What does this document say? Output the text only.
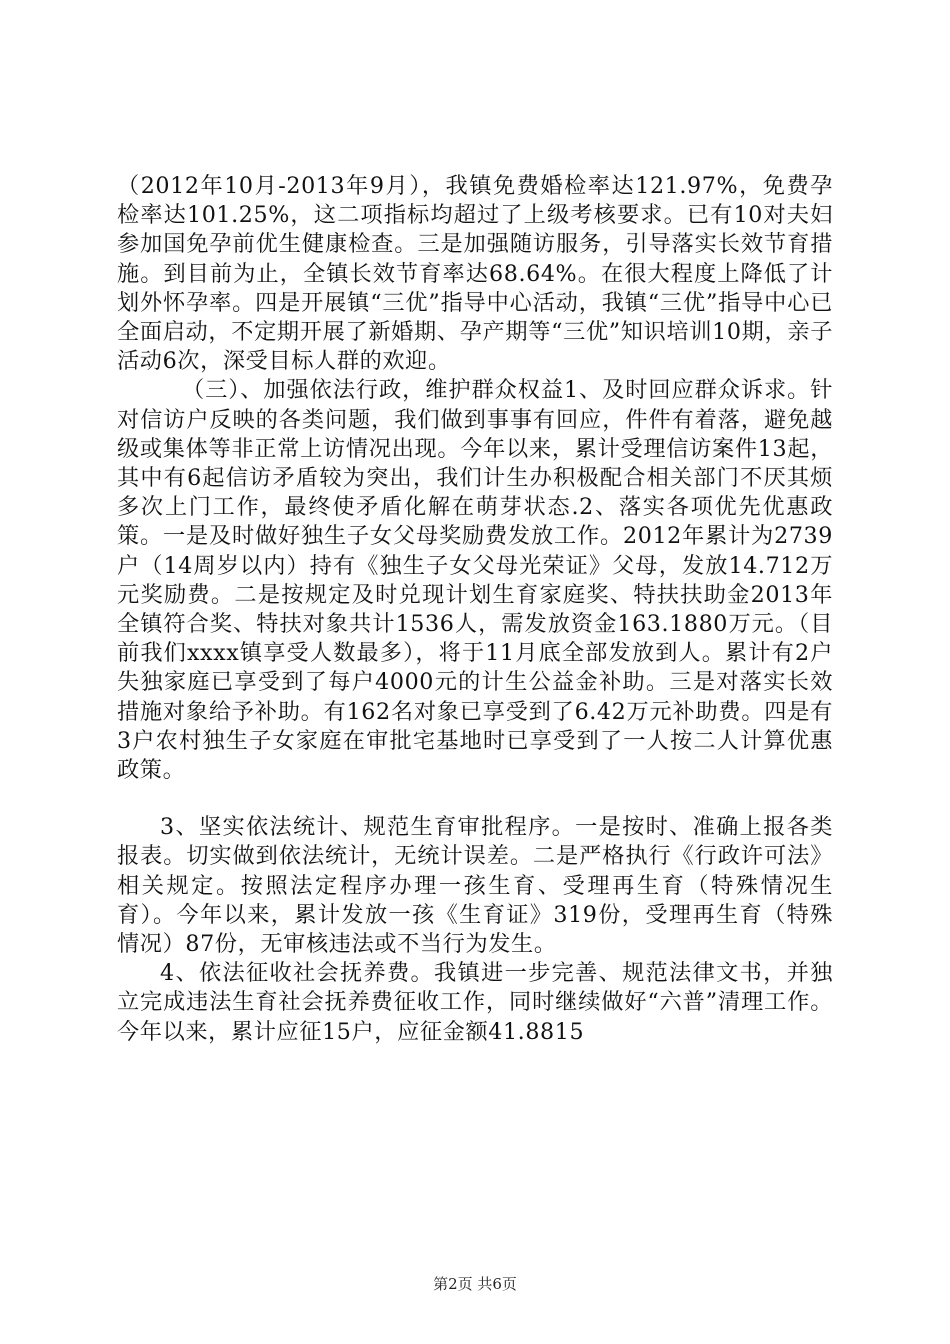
（2012年10月-2013年9月），我镇免费婚检率达121.97%，免费孕检率达101.25%，这二项指标均超过了上级考核要求。已有10对夫妇参加国免孕前优生健康检查。三是加强随访服务，引导落实长效节育措施。到目前为止，全镇长效节育率达68.64%。在很大程度上降低了计划外怀孕率。四是开展镇“三优”指导中心活动，我镇“三优”指导中心已全面启动，不定期开展了新婚期、孕产期等“三优”知识培训10期，亲子活动6次，深受目标人群的欢迎。

（三）、加强依法行政，维护群众权益1、及时回应群众诉求。针对信访户反映的各类问题，我们做到事事有回应，件件有着落，避免越级或集体等非正常上访情况出现。今年以来，累计受理信访案件13起，其中有6起信访矛盾较为突出，我们计生办积极配合相关部门不厌其烦多次上门工作，最终使矛盾化解在萌芽状态.2、落实各项优先优惠政策。一是及时做好独生子女父母奖励费发放工作。2012年累计为2739户（14周岁以内）持有《独生子女父母光荣证》父母，发放14.712万元奖励费。二是按规定及时兑现计划生育家庭奖、特扶扶助金2013年全镇符合奖、特扶对象共计1536人，需发放资金163.1880万元。（目前我们xxxx镇享受人数最多），将于11月底全部发放到人。累计有2户失独家庭已享受到了每户4000元的计生公益金补助。三是对落实长效措施对象给予补助。有162名对象已享受到了6.42万元补助费。四是有3户农村独生子女家庭在审批宅基地时已享受到了一人按二人计算优惠政策。

3、坚实依法统计、规范生育审批程序。一是按时、准确上报各类报表。切实做到依法统计，无统计误差。二是严格执行《行政许可法》相关规定。按照法定程序办理一孩生育、受理再生育（特殊情况生育）。今年以来，累计发放一孩《生育证》319份，受理再生育（特殊情况）87份，无审核违法或不当行为发生。

4、依法征收社会抚养费。我镇进一步完善、规范法律文书，并独立完成违法生育社会抚养费征收工作，同时继续做好“六普”清理工作。今年以来，累计应征15户，应征金额41.8815

第2页 共6页
